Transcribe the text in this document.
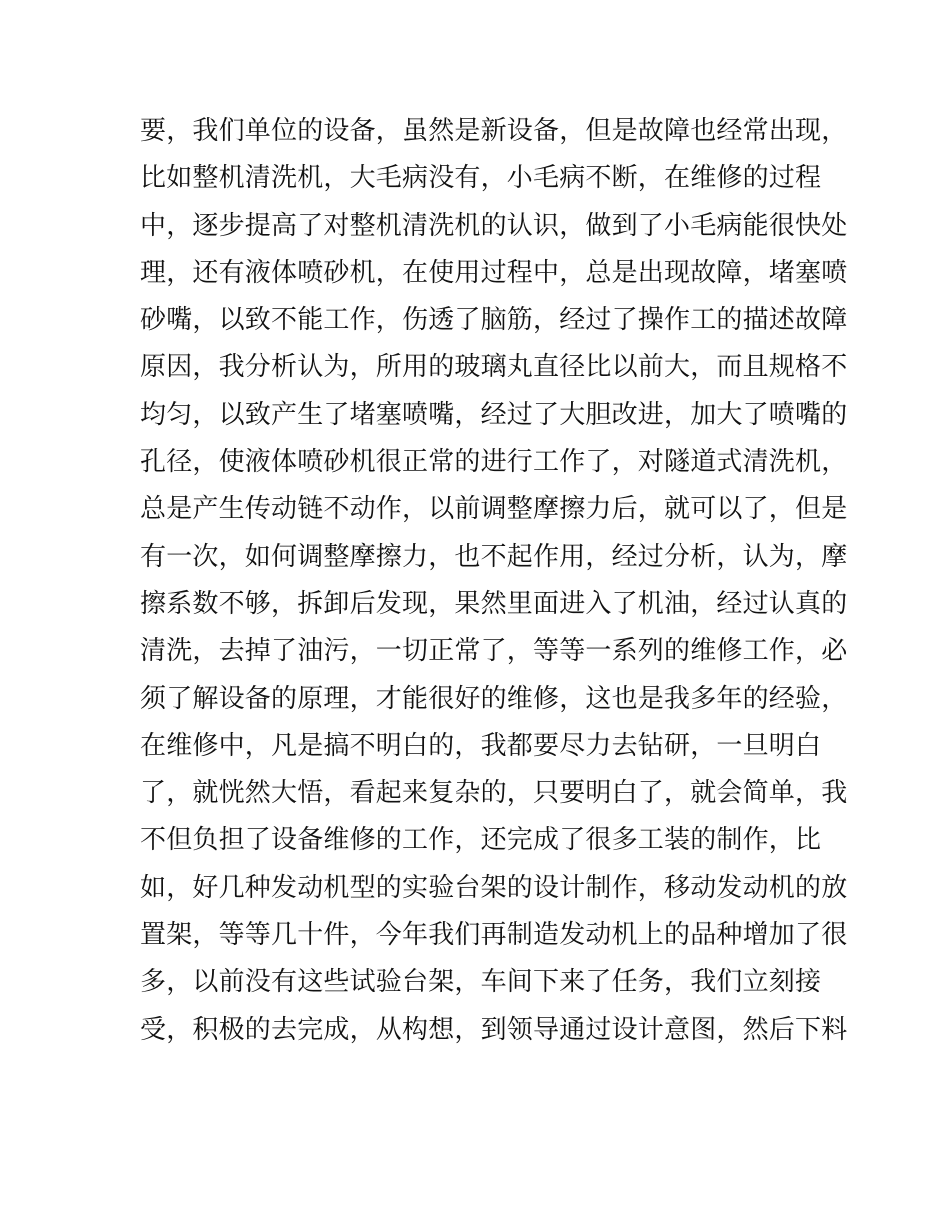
要，我们单位的设备，虽然是新设备，但是故障也经常出现，
比如整机清洗机，大毛病没有，小毛病不断，在维修的过程
中，逐步提高了对整机清洗机的认识，做到了小毛病能很快处
理，还有液体喷砂机，在使用过程中，总是出现故障，堵塞喷
砂嘴，以致不能工作，伤透了脑筋，经过了操作工的描述故障
原因，我分析认为，所用的玻璃丸直径比以前大，而且规格不
均匀，以致产生了堵塞喷嘴，经过了大胆改进，加大了喷嘴的
孔径，使液体喷砂机很正常的进行工作了，对隧道式清洗机，
总是产生传动链不动作，以前调整摩擦力后，就可以了，但是
有一次，如何调整摩擦力，也不起作用，经过分析，认为，摩
擦系数不够，拆卸后发现，果然里面进入了机油，经过认真的
清洗，去掉了油污，一切正常了，等等一系列的维修工作，必
须了解设备的原理，才能很好的维修，这也是我多年的经验，
在维修中，凡是搞不明白的，我都要尽力去钻研，一旦明白
了，就恍然大悟，看起来复杂的，只要明白了，就会简单，我
不但负担了设备维修的工作，还完成了很多工装的制作，比
如，好几种发动机型的实验台架的设计制作，移动发动机的放
置架，等等几十件，今年我们再制造发动机上的品种增加了很
多，以前没有这些试验台架，车间下来了任务，我们立刻接
受，积极的去完成，从构想，到领导通过设计意图，然后下料
